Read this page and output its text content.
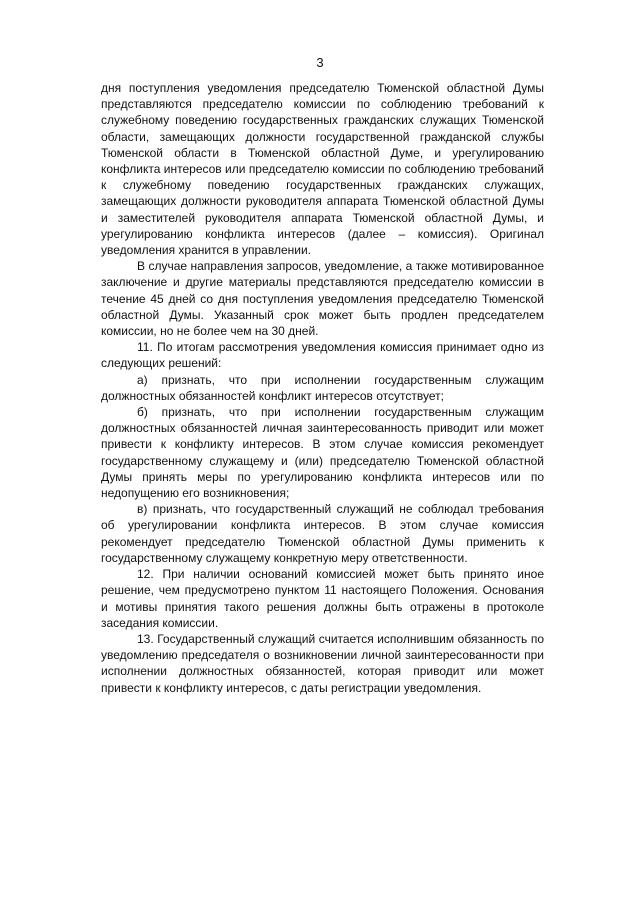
3

дня поступления уведомления председателю Тюменской областной Думы представляются председателю комиссии по соблюдению требований к служебному поведению государственных гражданских служащих Тюменской области, замещающих должности государственной гражданской службы Тюменской области в Тюменской областной Думе, и урегулированию конфликта интересов или председателю комиссии по соблюдению требований к служебному поведению государственных гражданских служащих, замещающих должности руководителя аппарата Тюменской областной Думы и заместителей руководителя аппарата Тюменской областной Думы, и урегулированию конфликта интересов (далее – комиссия). Оригинал уведомления хранится в управлении.

В случае направления запросов, уведомление, а также мотивированное заключение и другие материалы представляются председателю комиссии в течение 45 дней со дня поступления уведомления председателю Тюменской областной Думы. Указанный срок может быть продлен председателем комиссии, но не более чем на 30 дней.

11. По итогам рассмотрения уведомления комиссия принимает одно из следующих решений:

а) признать, что при исполнении государственным служащим должностных обязанностей конфликт интересов отсутствует;

б) признать, что при исполнении государственным служащим должностных обязанностей личная заинтересованность приводит или может привести к конфликту интересов. В этом случае комиссия рекомендует государственному служащему и (или) председателю Тюменской областной Думы принять меры по урегулированию конфликта интересов или по недопущению его возникновения;

в) признать, что государственный служащий не соблюдал требования об урегулировании конфликта интересов. В этом случае комиссия рекомендует председателю Тюменской областной Думы применить к государственному служащему конкретную меру ответственности.

12. При наличии оснований комиссией может быть принято иное решение, чем предусмотрено пунктом 11 настоящего Положения. Основания и мотивы принятия такого решения должны быть отражены в протоколе заседания комиссии.

13. Государственный служащий считается исполнившим обязанность по уведомлению председателя о возникновении личной заинтересованности при исполнении должностных обязанностей, которая приводит или может привести к конфликту интересов, с даты регистрации уведомления.
